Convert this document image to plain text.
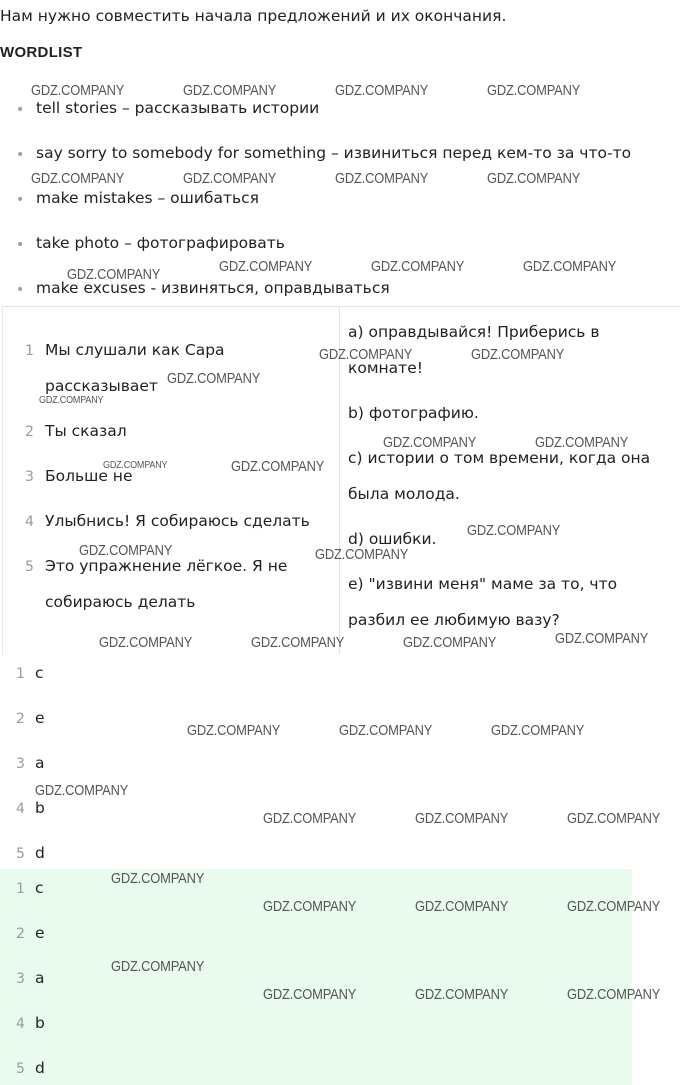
Нам нужно совместить начала предложений и их окончания.
WORDLIST
• tell stories – рассказывать истории
• say sorry to somebody for something – извиниться перед кем-то за что-то
• make mistakes – ошибаться
• take photo – фотографировать
• make excuses - извиняться, оправдываться
1 Мы слушали как Сара
рассказывает
2 Ты сказал
3 Больше не
4 Улыбнись! Я собираюсь сделать
5 Это упражнение лёгкое. Я не
собираюсь делать
a) оправдывайся! Приберись в
комнате!
b) фотографию.
c) истории о том времени, когда она
была молода.
d) ошибки.
e) "извини меня" маме за то, что
разбил ее любимую вазу?
1 c
2 e
3 a
4 b
5 d
1 c
2 e
3 a
4 b
5 d
GDZ.COMPANY	GDZ.COMPANY	GDZ.COMPANY	GDZ.COMPANY
GDZ.COMPANY	GDZ.COMPANY	GDZ.COMPANY	GDZ.COMPANY
GDZ.COMPANY	GDZ.COMPANY	GDZ.COMPANY	GDZ.COMPANY
GDZ.COMPANY	GDZ.COMPANY
GDZ.COMPANY
GDZ.COMPANY	GDZ.COMPANY
GDZ.COMPANY
GDZ.COMPANY
GDZ.COMPANY	GDZ.COMPANY
GDZ.COMPANY	GDZ.COMPANY	GDZ.COMPANY	GDZ.COMPANY
GDZ.COMPANY	GDZ.COMPANY	GDZ.COMPANY
GDZ.COMPANY
GDZ.COMPANY	GDZ.COMPANY	GDZ.COMPANY
GDZ.COMPANY
GDZ.COMPANY	GDZ.COMPANY	GDZ.COMPANY
GDZ.COMPANY
GDZ.COMPANY	GDZ.COMPANY	GDZ.COMPANY
GDZ.COMPANY
GDZ.COMPANY
